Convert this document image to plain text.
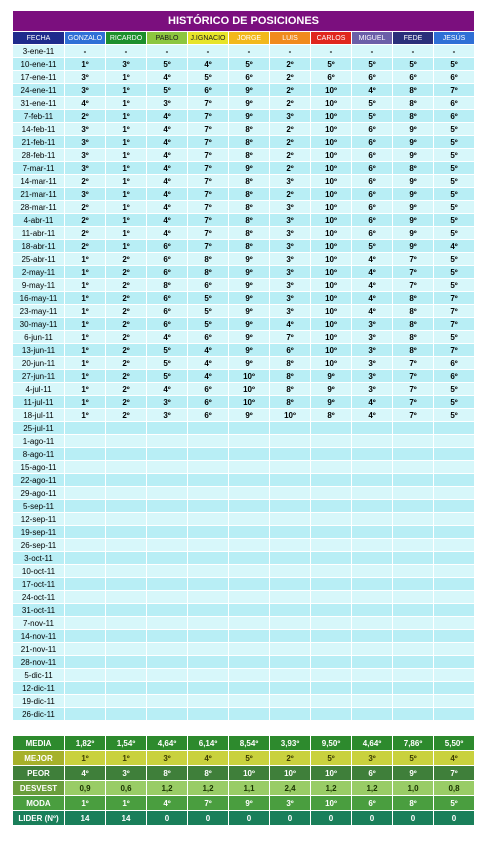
HISTÓRICO DE POSICIONES										
FECHA	GONZALO	RICARDO	PABLO	J.IGNACIO	JORGE	LUIS	CARLOS	MIGUEL	FEDE	JESÚS
3-ene-11	-	-	-	-	-	-	-	-	-	-
10-ene-11	1º	3º	5º	4º	5º	2º	5º	5º	5º	5º
17-ene-11	3º	1º	4º	5º	6º	2º	6º	6º	6º	6º
24-ene-11	3º	1º	5º	6º	9º	2º	10º	4º	8º	7º
31-ene-11	4º	1º	3º	7º	9º	2º	10º	5º	8º	6º
7-feb-11	2º	1º	4º	7º	9º	3º	10º	5º	8º	6º
14-feb-11	3º	1º	4º	7º	8º	2º	10º	6º	9º	5º
21-feb-11	3º	1º	4º	7º	8º	2º	10º	6º	9º	5º
28-feb-11	3º	1º	4º	7º	8º	2º	10º	6º	9º	5º
7-mar-11	3º	1º	4º	7º	9º	2º	10º	6º	8º	5º
14-mar-11	2º	1º	4º	7º	8º	3º	10º	6º	9º	5º
21-mar-11	3º	1º	4º	7º	8º	2º	10º	6º	9º	5º
28-mar-11	2º	1º	4º	7º	8º	3º	10º	6º	9º	5º
4-abr-11	2º	1º	4º	7º	8º	3º	10º	6º	9º	5º
11-abr-11	2º	1º	4º	7º	8º	3º	10º	6º	9º	5º
18-abr-11	2º	1º	6º	7º	8º	3º	10º	5º	9º	4º
25-abr-11	1º	2º	6º	8º	9º	3º	10º	4º	7º	5º
2-may-11	1º	2º	6º	8º	9º	3º	10º	4º	7º	5º
9-may-11	1º	2º	8º	6º	9º	3º	10º	4º	7º	5º
16-may-11	1º	2º	6º	5º	9º	3º	10º	4º	8º	7º
23-may-11	1º	2º	6º	5º	9º	3º	10º	4º	8º	7º
30-may-11	1º	2º	6º	5º	9º	4º	10º	3º	8º	7º
6-jun-11	1º	2º	4º	6º	9º	7º	10º	3º	8º	5º
13-jun-11	1º	2º	5º	4º	9º	6º	10º	3º	8º	7º
20-jun-11	1º	2º	5º	4º	9º	8º	10º	3º	7º	6º
27-jun-11	1º	2º	5º	4º	10º	8º	9º	3º	7º	6º
4-jul-11	1º	2º	4º	6º	10º	8º	9º	3º	7º	5º
11-jul-11	1º	2º	3º	6º	10º	8º	9º	4º	7º	5º
18-jul-11	1º	2º	3º	6º	9º	10º	8º	4º	7º	5º
25-jul-11										
1-ago-11										
8-ago-11										
15-ago-11										
22-ago-11										
29-ago-11										
5-sep-11										
12-sep-11										
19-sep-11										
26-sep-11										
3-oct-11										
10-oct-11										
17-oct-11										
24-oct-11										
31-oct-11										
7-nov-11										
14-nov-11										
21-nov-11										
28-nov-11										
5-dic-11										
12-dic-11										
19-dic-11										
26-dic-11										

MEDIA	1,82º	1,54º	4,64º	6,14º	8,54º	3,93º	9,50º	4,64º	7,86º	5,50º
MEJOR	1º	1º	3º	4º	5º	2º	5º	3º	5º	4º
PEOR	4º	3º	8º	8º	10º	10º	10º	6º	9º	7º
DESVEST	0,9	0,6	1,2	1,2	1,1	2,4	1,2	1,2	1,0	0,8
MODA	1º	1º	4º	7º	9º	3º	10º	6º	8º	5º
LIDER (Nº)	14	14	0	0	0	0	0	0	0	0
